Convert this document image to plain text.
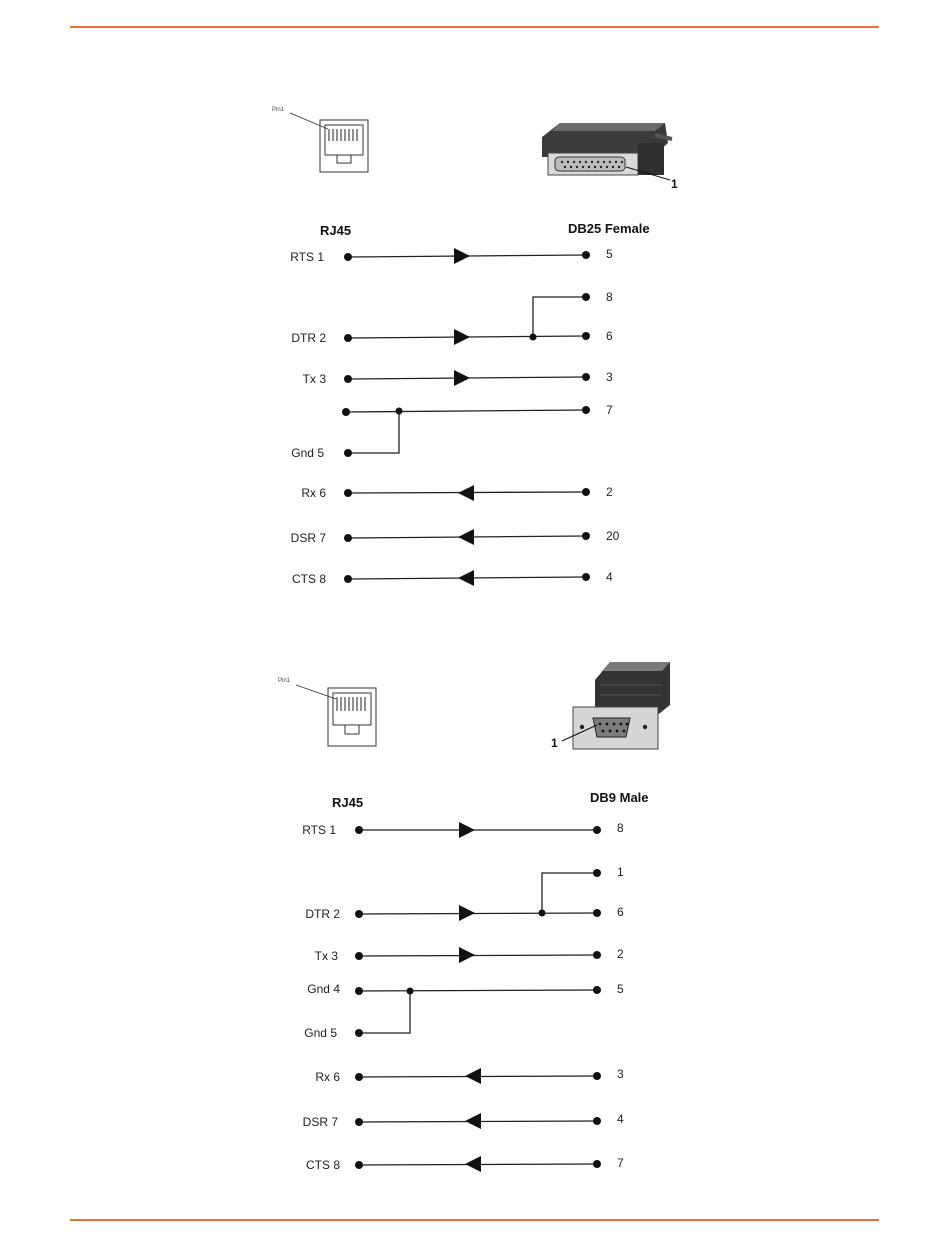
Pin1
1
RJ45	DB25 Female
RTS 1
DTR 2
Tx 3
Gnd 5
Rx 6
DSR 7
CTS 8
5
8
6
3
7
2
20
4
Pin1
1
RJ45	DB9 Male
RTS 1
DTR 2
Tx 3
Gnd 4
Gnd 5
Rx 6
DSR 7
CTS 8
8
1
6
2
5
3
4
7
